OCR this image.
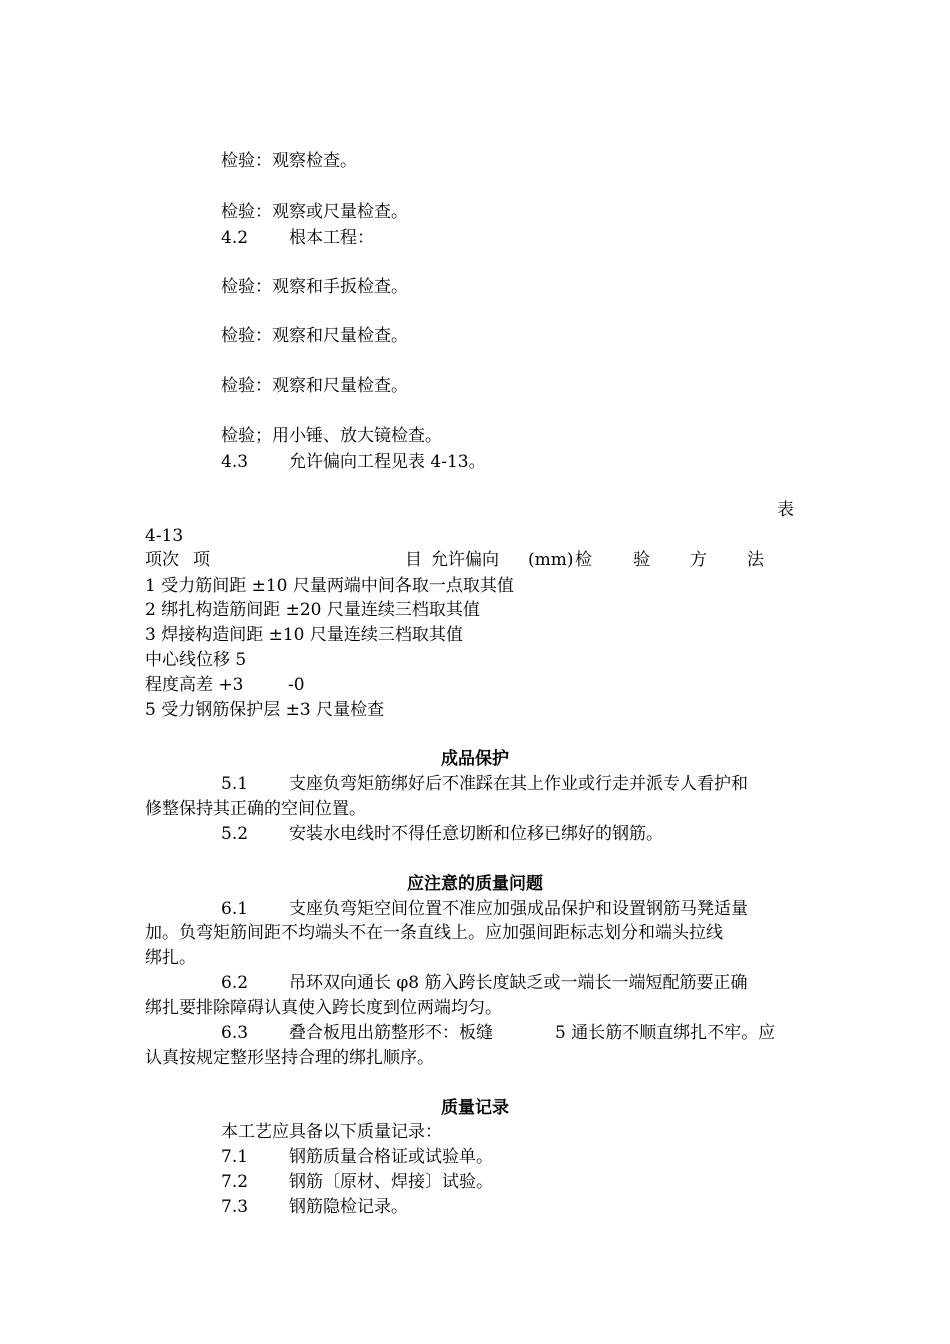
检验：观察检查。
检验：观察或尺量检查。
4.2 根本工程：
检验：观察和手扳检查。
检验：观察和尺量检查。
检验：观察和尺量检查。
检验；用小锤、放大镜检查。
4.3 允许偏向工程见表 4-13。
表
4-13
项次 项	目 允许偏向 (mm) 检 验 方 法
1 受力筋间距 ±10 尺量两端中间各取一点取其值
2 绑扎构造筋间距 ±20 尺量连续三档取其值
3 焊接构造间距 ±10 尺量连续三档取其值
中心线位移 5
程度高差 +3	-0
5 受力钢筋保护层 ±3 尺量检查
成品保护
5.1 支座负弯矩筋绑好后不准踩在其上作业或行走并派专人看护和
修整保持其正确的空间位置。
5.2 安装水电线时不得任意切断和位移已绑好的钢筋。
应注意的质量问题
6.1 支座负弯矩空间位置不准应加强成品保护和设置钢筋马凳适量
加。负弯矩筋间距不均端头不在一条直线上。应加强间距标志划分和端头拉线
绑扎。
6.2 吊环双向通长 φ8 筋入跨长度缺乏或一端长一端短配筋要正确
绑扎要排除障碍认真使入跨长度到位两端均匀。
6.3 叠合板甩出筋整形不：板缝	5 通长筋不顺直绑扎不牢。应
认真按规定整形坚持合理的绑扎顺序。
质量记录
本工艺应具备以下质量记录：
7.1 钢筋质量合格证或试验单。
7.2 钢筋〔原材、焊接〕试验。
7.3 钢筋隐检记录。
